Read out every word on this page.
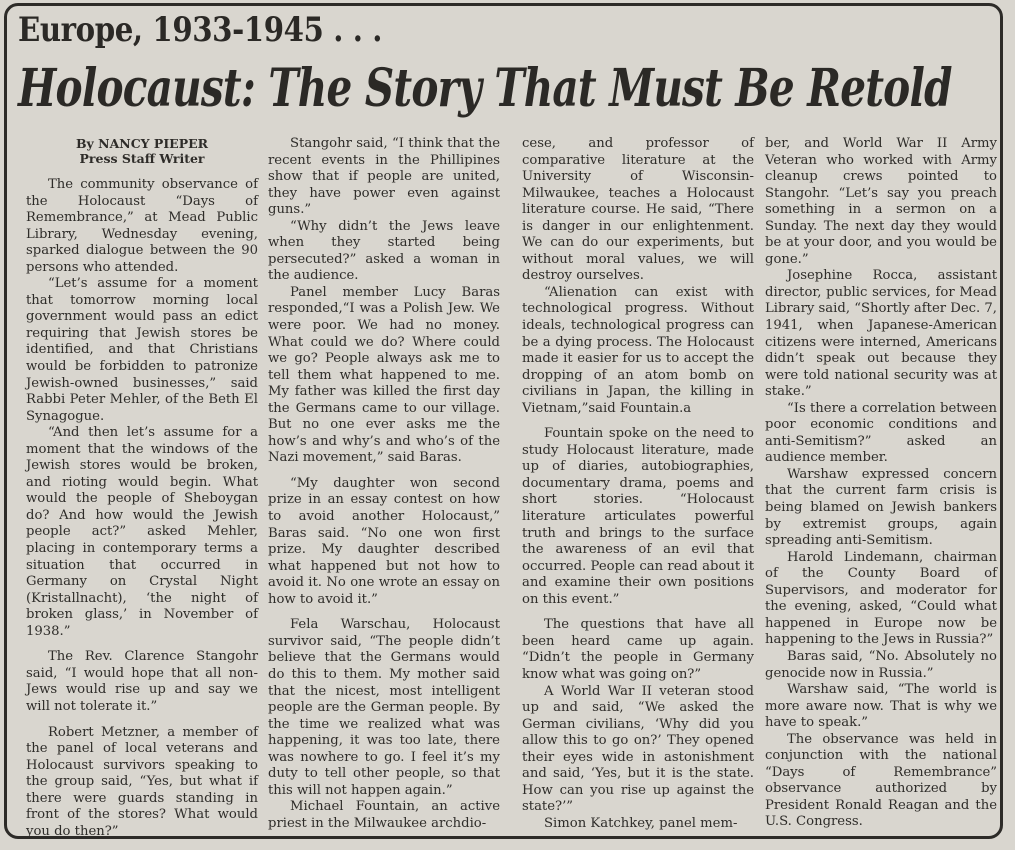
Europe, 1933-1945 . . .
Holocaust: The Story That Must Be Retold
By NANCY PIEPER
Press Staff Writer

The community observance of the Holocaust “Days of Remembrance,” at Mead Public Library, Wednesday evening, sparked dialogue between the 90 persons who attended.

“Let’s assume for a moment that tomorrow morning local government would pass an edict requiring that Jewish stores be identified, and that Christians would be forbidden to patronize Jewish-owned businesses,” said Rabbi Peter Mehler, of the Beth El Synagogue.

“And then let’s assume for a moment that the windows of the Jewish stores would be broken, and rioting would begin. What would the people of Sheboygan do? And how would the Jewish people act?” asked Mehler, placing in contemporary terms a situation that occurred in Germany on Crystal Night (Kristallnacht), ‘the night of broken glass,’ in November of 1938.”

The Rev. Clarence Stangohr said, “I would hope that all non-Jews would rise up and say we will not tolerate it.”

Robert Metzner, a member of the panel of local veterans and Holocaust survivors speaking to the group said, “Yes, but what if there were guards standing in front of the stores? What would you do then?”

Stangohr said, “I think that the recent events in the Phillipines show that if people are united, they have power even against guns.”

“Why didn’t the Jews leave when they started being persecuted?” asked a woman in the audience.

Panel member Lucy Baras responded,“I was a Polish Jew. We were poor. We had no money. What could we do? Where could we go? People always ask me to tell them what happened to me. My father was killed the first day the Germans came to our village. But no one ever asks me the how’s and why’s and who’s of the Nazi movement,” said Baras.

“My daughter won second prize in an essay contest on how to avoid another Holocaust,” Baras said. “No one won first prize. My daughter described what happened but not how to avoid it. No one wrote an essay on how to avoid it.”

Fela Warschau, Holocaust survivor said, “The people didn’t believe that the Germans would do this to them. My mother said that the nicest, most intelligent people are the German people. By the time we realized what was happening, it was too late, there was nowhere to go. I feel it’s my duty to tell other people, so that this will not happen again.”

Michael Fountain, an active priest in the Milwaukee archdio-

cese, and professor of comparative literature at the University of Wisconsin-Milwaukee, teaches a Holocaust literature course. He said, “There is danger in our enlightenment. We can do our experiments, but without moral values, we will destroy ourselves.

“Alienation can exist with technological progress. Without ideals, technological progress can be a dying process. The Holocaust made it easier for us to accept the dropping of an atom bomb on civilians in Japan, the killing in Vietnam,”said Fountain.a

Fountain spoke on the need to study Holocaust literature, made up of diaries, autobiographies, documentary drama, poems and short stories. “Holocaust literature articulates powerful truth and brings to the surface the awareness of an evil that occurred. People can read about it and examine their own positions on this event.”

The questions that have all been heard came up again. “Didn’t the people in Germany know what was going on?”

A World War II veteran stood up and said, “We asked the German civilians, ‘Why did you allow this to go on?’ They opened their eyes wide in astonishment and said, ‘Yes, but it is the state. How can you rise up against the state?’”

Simon Katchkey, panel mem-

ber, and World War II Army Veteran who worked with Army cleanup crews pointed to Stangohr. “Let’s say you preach something in a sermon on a Sunday. The next day they would be at your door, and you would be gone.”

Josephine Rocca, assistant director, public services, for Mead Library said, “Shortly after Dec. 7, 1941, when Japanese-American citizens were interned, Americans didn’t speak out because they were told national security was at stake.”

“Is there a correlation between poor economic conditions and anti-Semitism?” asked an audience member.

Warshaw expressed concern that the current farm crisis is being blamed on Jewish bankers by extremist groups, again spreading anti-Semitism.

Harold Lindemann, chairman of the County Board of Supervisors, and moderator for the evening, asked, “Could what happened in Europe now be happening to the Jews in Russia?”

Baras said, “No. Absolutely no genocide now in Russia.”

Warshaw said, “The world is more aware now. That is why we have to speak.”

The observance was held in conjunction with the national “Days of Remembrance” observance authorized by President Ronald Reagan and the U.S. Congress.
